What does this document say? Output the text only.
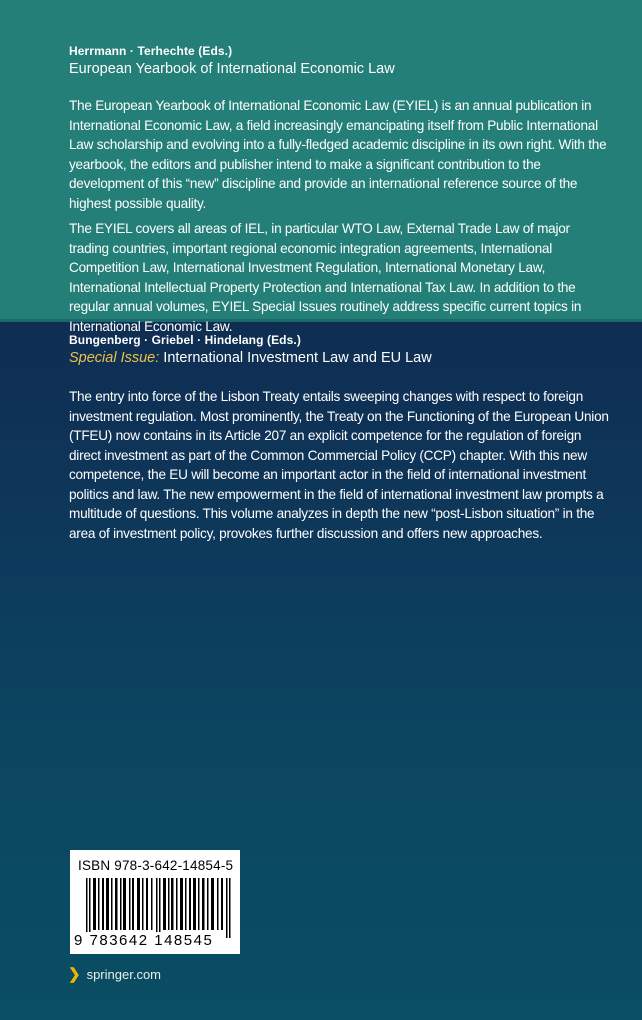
Herrmann · Terhechte (Eds.)
European Yearbook of International Economic Law

The European Yearbook of International Economic Law (EYIEL) is an annual publication in International Economic Law, a field increasingly emancipating itself from Public International Law scholarship and evolving into a fully-fledged academic discipline in its own right. With the yearbook, the editors and publisher intend to make a significant contribution to the development of this “new” discipline and provide an international reference source of the highest possible quality.

The EYIEL covers all areas of IEL, in particular WTO Law, External Trade Law of major trading countries, important regional economic integration agreements, International Competition Law, International Investment Regulation, International Monetary Law, International Intellectual Property Protection and International Tax Law. In addition to the regular annual volumes, EYIEL Special Issues routinely address specific current topics in International Economic Law.

Bungenberg · Griebel · Hindelang (Eds.)
Special Issue: International Investment Law and EU Law

The entry into force of the Lisbon Treaty entails sweeping changes with respect to foreign investment regulation. Most prominently, the Treaty on the Functioning of the European Union (TFEU) now contains in its Article 207 an explicit competence for the regulation of foreign direct investment as part of the Common Commercial Policy (CCP) chapter. With this new competence, the EU will become an important actor in the field of international investment politics and law. The new empowerment in the field of international investment law prompts a multitude of questions. This volume analyzes in depth the new “post-Lisbon situation” in the area of investment policy, provokes further discussion and offers new approaches.

ISBN 978-3-642-14854-5
9 783642 148545
❯ springer.com
